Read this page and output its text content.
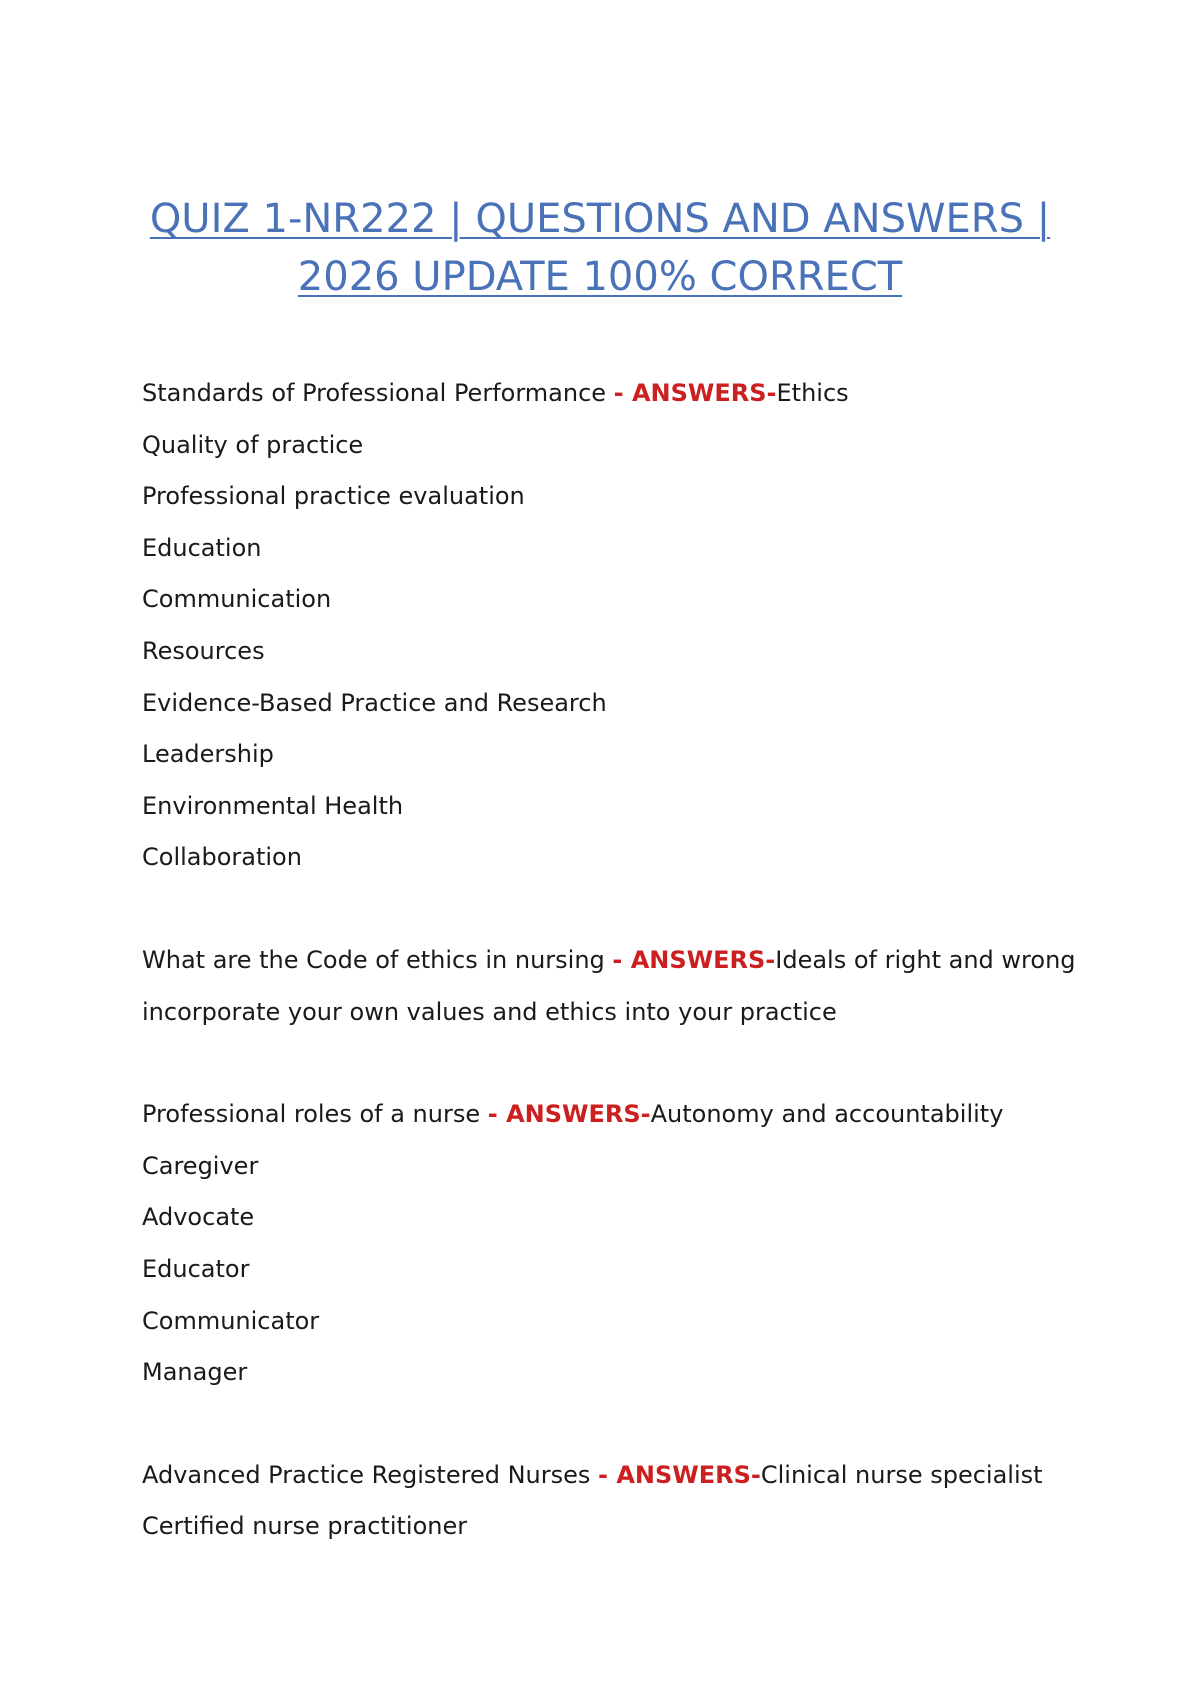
QUIZ 1-NR222 | QUESTIONS AND ANSWERS | 2026 UPDATE 100% CORRECT

Standards of Professional Performance - ANSWERS-Ethics

Quality of practice

Professional practice evaluation

Education

Communication

Resources

Evidence-Based Practice and Research

Leadership

Environmental Health

Collaboration

What are the Code of ethics in nursing - ANSWERS-Ideals of right and wrong

incorporate your own values and ethics into your practice

Professional roles of a nurse - ANSWERS-Autonomy and accountability

Caregiver

Advocate

Educator

Communicator

Manager

Advanced Practice Registered Nurses - ANSWERS-Clinical nurse specialist

Certified nurse practitioner
